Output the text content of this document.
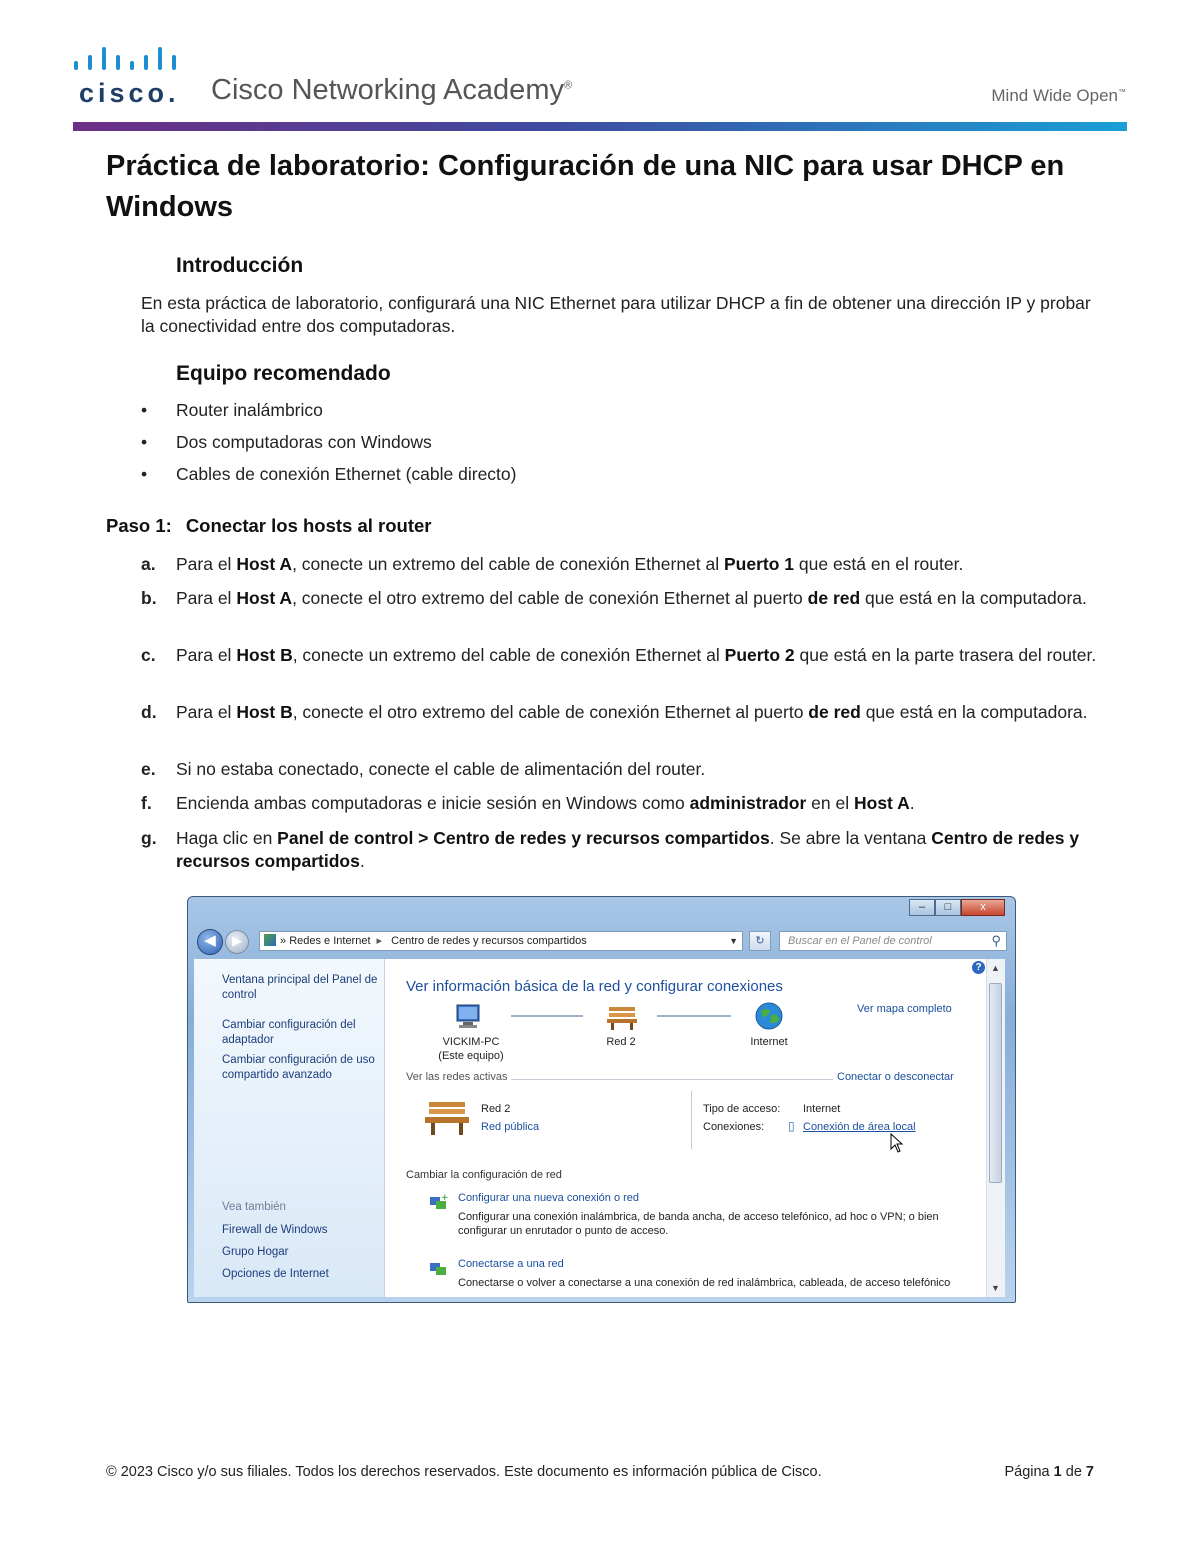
cisco. Cisco Networking Academy®
Mind Wide Open™
Práctica de laboratorio: Configuración de una NIC para usar DHCP en Windows
Introducción
En esta práctica de laboratorio, configurará una NIC Ethernet para utilizar DHCP a fin de obtener una dirección IP y probar la conectividad entre dos computadoras.
Equipo recomendado
• Router inalámbrico
• Dos computadoras con Windows
• Cables de conexión Ethernet (cable directo)
Paso 1: Conectar los hosts al router
a. Para el Host A, conecte un extremo del cable de conexión Ethernet al Puerto 1 que está en el router.
b. Para el Host A, conecte el otro extremo del cable de conexión Ethernet al puerto de red que está en la computadora.
c. Para el Host B, conecte un extremo del cable de conexión Ethernet al Puerto 2 que está en la parte trasera del router.
d. Para el Host B, conecte el otro extremo del cable de conexión Ethernet al puerto de red que está en la computadora.
e. Si no estaba conectado, conecte el cable de alimentación del router.
f. Encienda ambas computadoras e inicie sesión en Windows como administrador en el Host A.
g. Haga clic en Panel de control > Centro de redes y recursos compartidos. Se abre la ventana Centro de redes y recursos compartidos.
–	□	x
◀	▶	» Redes e Internet ▸ Centro de redes y recursos compartidos	▼	↻	Buscar en el Panel de control	⚲
Ventana principal del Panel de control
Cambiar configuración del adaptador
Cambiar configuración de uso compartido avanzado
Vea también
Firewall de Windows
Grupo Hogar
Opciones de Internet
?
Ver información básica de la red y configurar conexiones
Ver mapa completo
VICKIM-PC
(Este equipo)
Red 2	Internet
Ver las redes activas	Conectar o desconectar
Red 2
Red pública
Tipo de acceso: Internet
Conexiones: ▯ Conexión de área local
Cambiar la configuración de red
+ Configurar una nueva conexión o red
Configurar una conexión inalámbrica, de banda ancha, de acceso telefónico, ad hoc o VPN; o bien configurar un enrutador o punto de acceso.
Conectarse a una red
Conectarse o volver a conectarse a una conexión de red inalámbrica, cableada, de acceso telefónico
▲
▼
© 2023 Cisco y/o sus filiales. Todos los derechos reservados. Este documento es información pública de Cisco.	Página 1 de 7
